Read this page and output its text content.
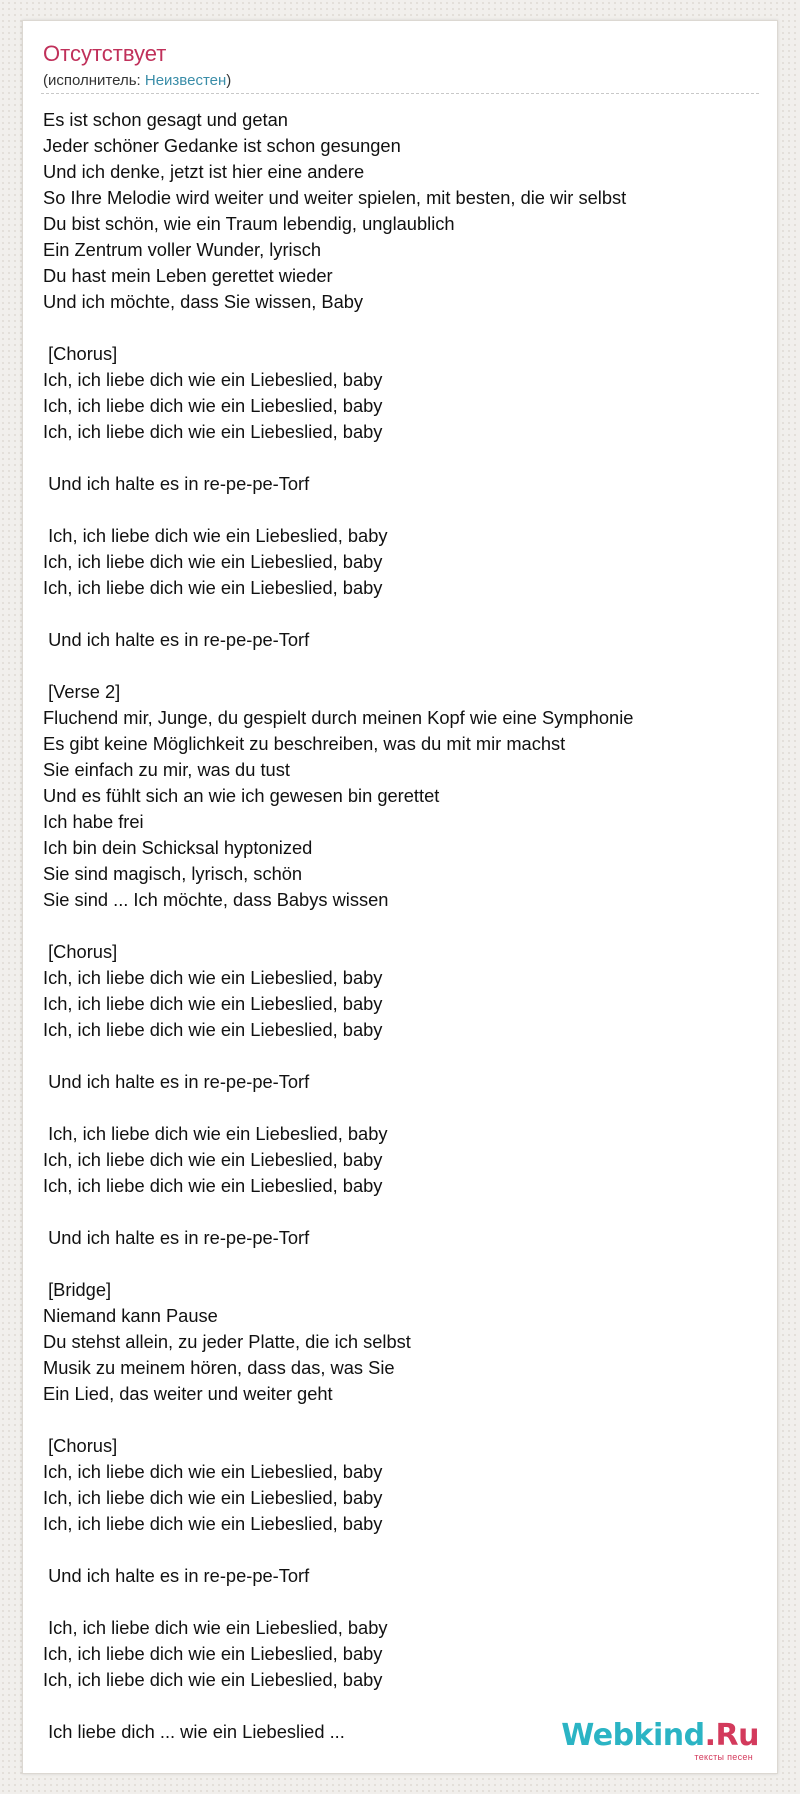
Отсутствует
(исполнитель: Неизвестен)
Es ist schon gesagt und getan
Jeder schöner Gedanke ist schon gesungen
Und ich denke, jetzt ist hier eine andere
So Ihre Melodie wird weiter und weiter spielen, mit besten, die wir selbst
Du bist schön, wie ein Traum lebendig, unglaublich
Ein Zentrum voller Wunder, lyrisch
Du hast mein Leben gerettet wieder
Und ich möchte, dass Sie wissen, Baby

[Chorus]
Ich, ich liebe dich wie ein Liebeslied, baby
Ich, ich liebe dich wie ein Liebeslied, baby
Ich, ich liebe dich wie ein Liebeslied, baby

Und ich halte es in re-pe-pe-Torf

Ich, ich liebe dich wie ein Liebeslied, baby
Ich, ich liebe dich wie ein Liebeslied, baby
Ich, ich liebe dich wie ein Liebeslied, baby

Und ich halte es in re-pe-pe-Torf

[Verse 2]
Fluchend mir, Junge, du gespielt durch meinen Kopf wie eine Symphonie
Es gibt keine Möglichkeit zu beschreiben, was du mit mir machst
Sie einfach zu mir, was du tust
Und es fühlt sich an wie ich gewesen bin gerettet
Ich habe frei
Ich bin dein Schicksal hyptonized
Sie sind magisch, lyrisch, schön
Sie sind ... Ich möchte, dass Babys wissen

[Chorus]
Ich, ich liebe dich wie ein Liebeslied, baby
Ich, ich liebe dich wie ein Liebeslied, baby
Ich, ich liebe dich wie ein Liebeslied, baby

Und ich halte es in re-pe-pe-Torf

Ich, ich liebe dich wie ein Liebeslied, baby
Ich, ich liebe dich wie ein Liebeslied, baby
Ich, ich liebe dich wie ein Liebeslied, baby

Und ich halte es in re-pe-pe-Torf

[Bridge]
Niemand kann Pause
Du stehst allein, zu jeder Platte, die ich selbst
Musik zu meinem hören, dass das, was Sie
Ein Lied, das weiter und weiter geht

[Chorus]
Ich, ich liebe dich wie ein Liebeslied, baby
Ich, ich liebe dich wie ein Liebeslied, baby
Ich, ich liebe dich wie ein Liebeslied, baby

Und ich halte es in re-pe-pe-Torf

Ich, ich liebe dich wie ein Liebeslied, baby
Ich, ich liebe dich wie ein Liebeslied, baby
Ich, ich liebe dich wie ein Liebeslied, baby

Ich liebe dich ... wie ein Liebeslied ...	Webkind.Ru
тексты песен
